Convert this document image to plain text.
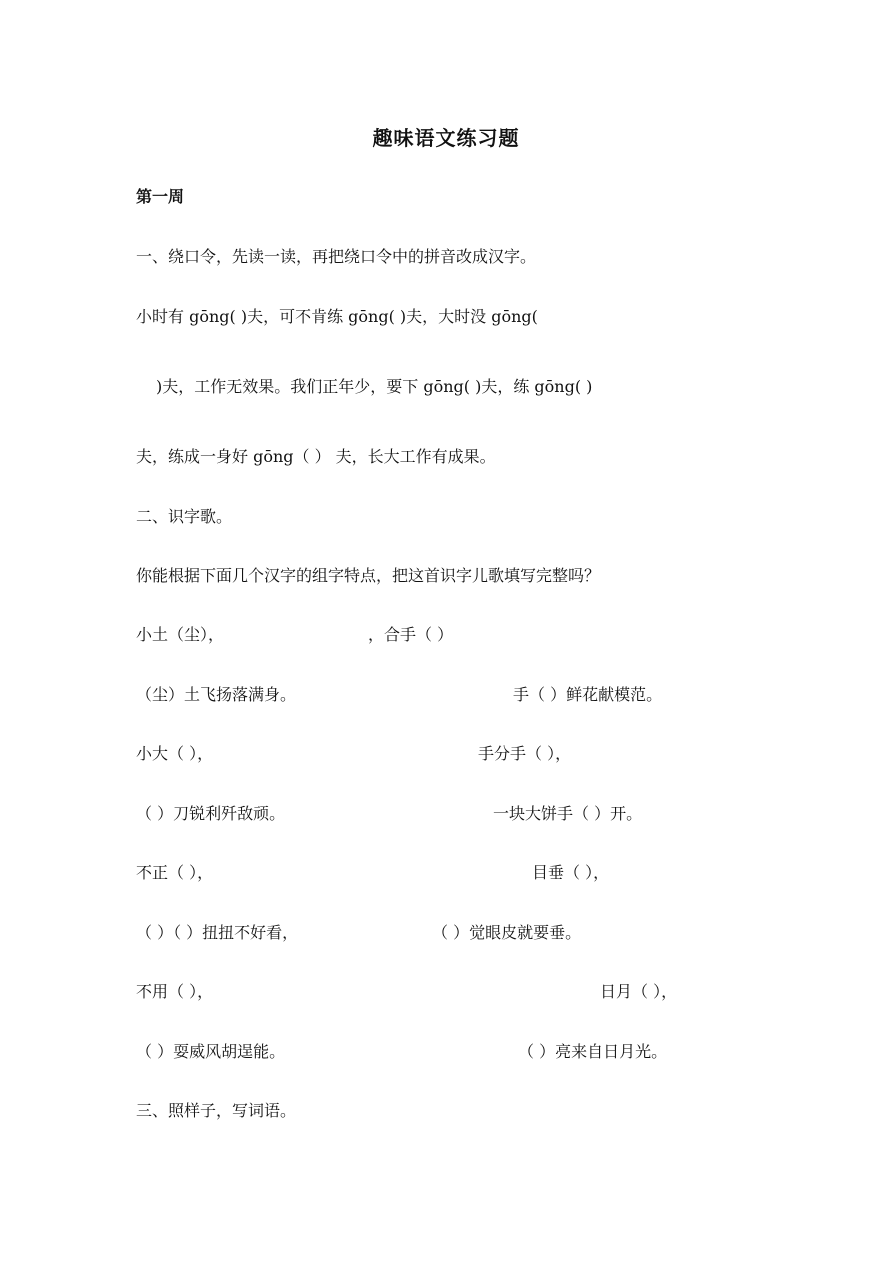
趣味语文练习题
第一周
一、绕口令，先读一读，再把绕口令中的拼音改成汉字。
小时有 gōng( )夫，可不肯练 gōng( )夫，大时没 gōng(
)夫，工作无效果。我们正年少，要下 gōng( )夫，练 gōng( )
夫，练成一身好 gōng（ ） 夫，长大工作有成果。
二、识字歌。
你能根据下面几个汉字的组字特点，把这首识字儿歌填写完整吗？
小土（尘），	，合手（ ）
（尘）土飞扬落满身。	手（ ）鲜花献模范。
小大（ ），	手分手（ ），
（ ）刀锐利歼敌顽。	一块大饼手（ ）开。
不正（ ），	目垂（ ），
（ ）（ ）扭扭不好看，	（ ）觉眼皮就要垂。
不用（ ），	日月（ ），
（ ）耍威风胡逞能。	（ ）亮来自日月光。
三、照样子，写词语。
